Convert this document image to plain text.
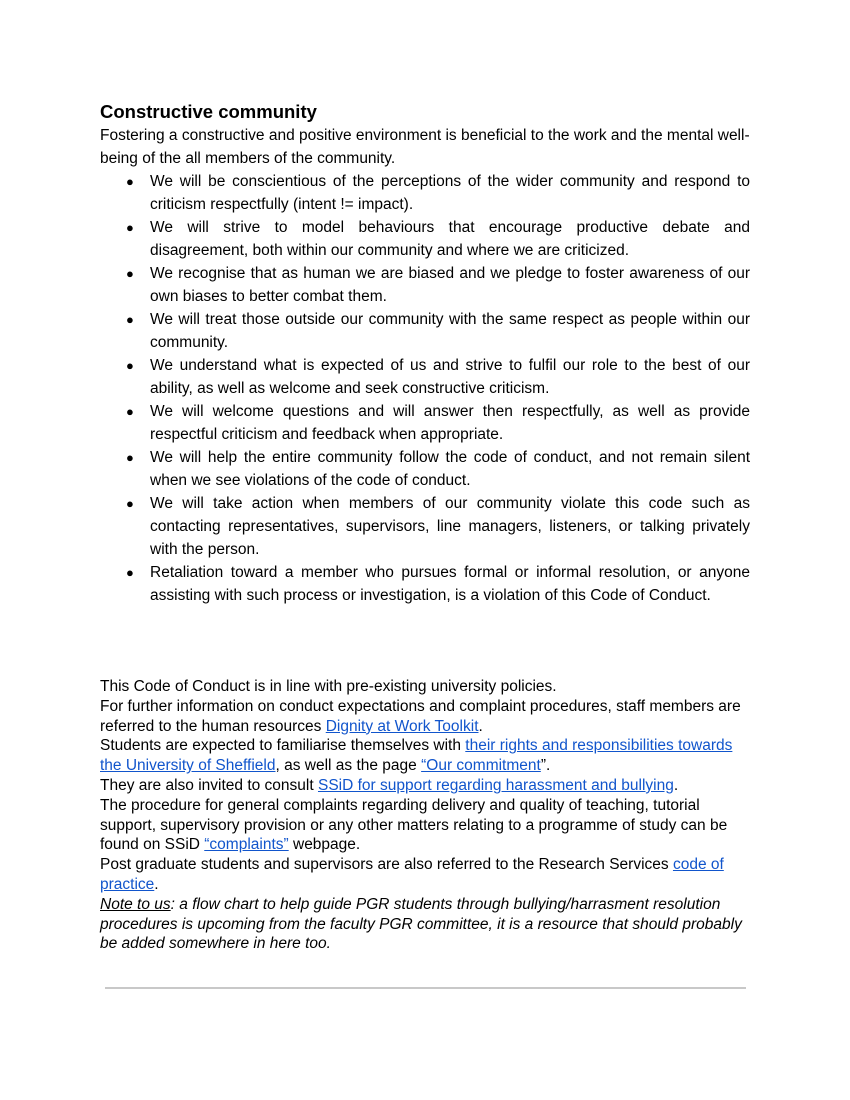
Constructive community

Fostering a constructive and positive environment is beneficial to the work and the mental well-being of the all members of the community.

● We will be conscientious of the perceptions of the wider community and respond to criticism respectfully (intent != impact).
● We will strive to model behaviours that encourage productive debate and disagreement, both within our community and where we are criticized.
● We recognise that as human we are biased and we pledge to foster awareness of our own biases to better combat them.
● We will treat those outside our community with the same respect as people within our community.
● We understand what is expected of us and strive to fulfil our role to the best of our ability, as well as welcome and seek constructive criticism.
● We will welcome questions and will answer then respectfully, as well as provide respectful criticism and feedback when appropriate.
● We will help the entire community follow the code of conduct, and not remain silent when we see violations of the code of conduct.
● We will take action when members of our community violate this code such as contacting representatives, supervisors, line managers, listeners, or talking privately with the person.
● Retaliation toward a member who pursues formal or informal resolution, or anyone assisting with such process or investigation, is a violation of this Code of Conduct.

This Code of Conduct is in line with pre-existing university policies.

For further information on conduct expectations and complaint procedures, staff members are referred to the human resources Dignity at Work Toolkit.

Students are expected to familiarise themselves with their rights and responsibilities towards the University of Sheffield, as well as the page “Our commitment”.

They are also invited to consult SSiD for support regarding harassment and bullying.

The procedure for general complaints regarding delivery and quality of teaching, tutorial support, supervisory provision or any other matters relating to a programme of study can be found on SSiD “complaints” webpage.

Post graduate students and supervisors are also referred to the Research Services code of practice.

Note to us: a flow chart to help guide PGR students through bullying/harrasment resolution procedures is upcoming from the faculty PGR committee, it is a resource that should probably be added somewhere in here too.
